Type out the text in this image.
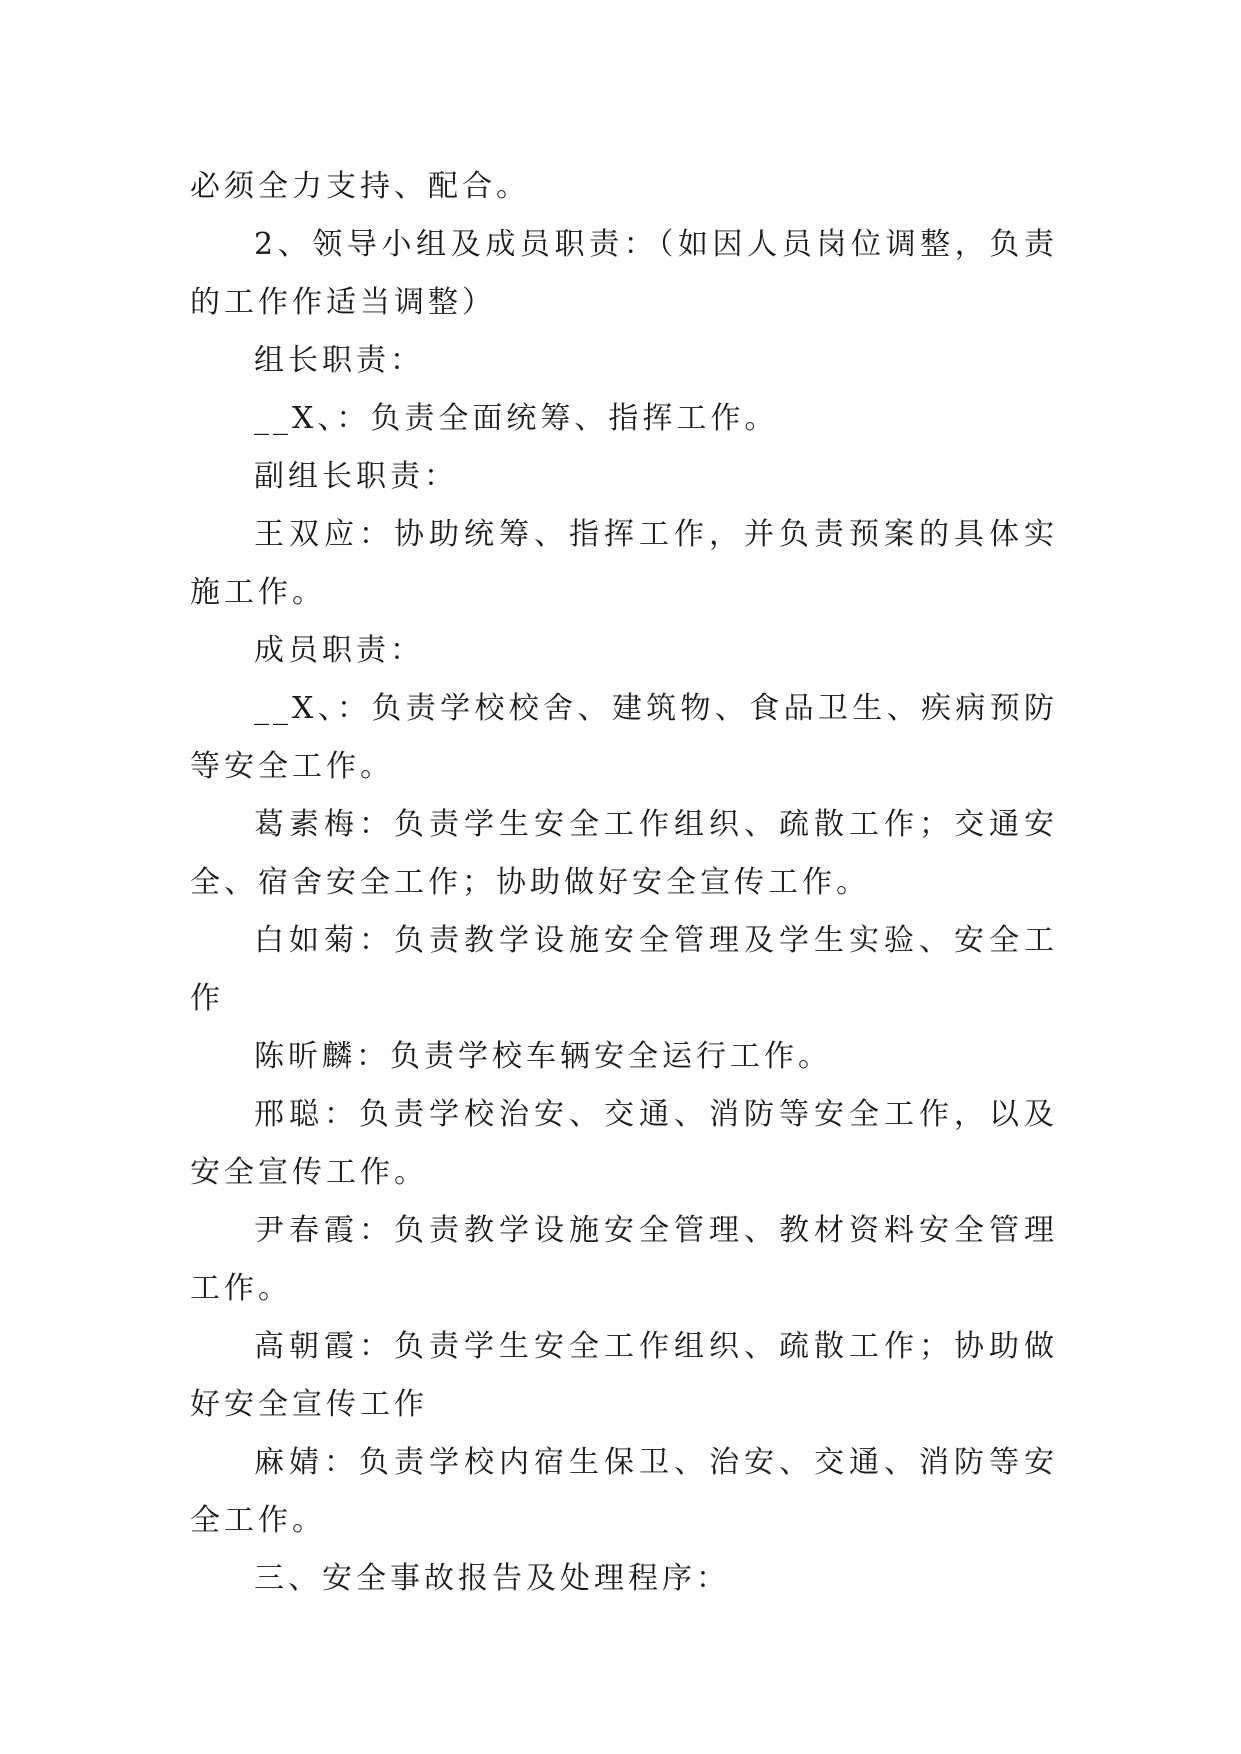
必须全力支持、配合。

2、领导小组及成员职责：（如因人员岗位调整，负责的工作作适当调整）

组长职责：

__X、：负责全面统筹、指挥工作。

副组长职责：

王双应：协助统筹、指挥工作，并负责预案的具体实施工作。

成员职责：

__X、：负责学校校舍、建筑物、食品卫生、疾病预防等安全工作。

葛素梅：负责学生安全工作组织、疏散工作；交通安全、宿舍安全工作；协助做好安全宣传工作。

白如菊：负责教学设施安全管理及学生实验、安全工作

陈昕麟：负责学校车辆安全运行工作。

邢聪：负责学校治安、交通、消防等安全工作，以及安全宣传工作。

尹春霞：负责教学设施安全管理、教材资料安全管理工作。

高朝霞：负责学生安全工作组织、疏散工作；协助做好安全宣传工作

麻婧：负责学校内宿生保卫、治安、交通、消防等安全工作。

三、安全事故报告及处理程序：
